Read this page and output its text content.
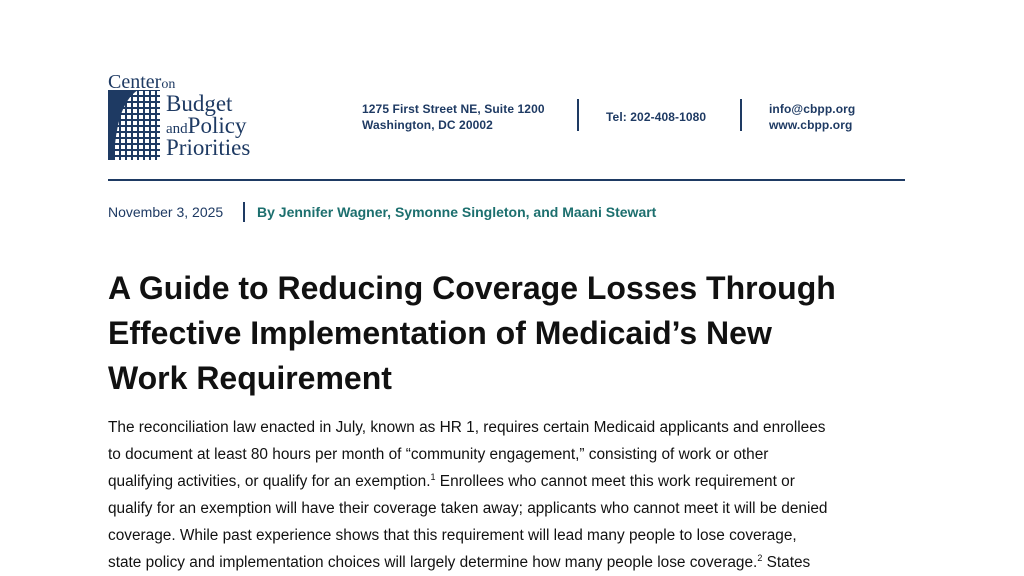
Centeron
Budget
andPolicy
Priorities
1275 First Street NE, Suite 1200
Washington, DC 20002
Tel: 202-408-1080
info@cbpp.org
www.cbpp.org
November 3, 2025 By Jennifer Wagner, Symonne Singleton, and Maani Stewart
A Guide to Reducing Coverage Losses Through
Effective Implementation of Medicaid’s New
Work Requirement
The reconciliation law enacted in July, known as HR 1, requires certain Medicaid applicants and enrollees
to document at least 80 hours per month of “community engagement,” consisting of work or other
qualifying activities, or qualify for an exemption.$^1$ Enrollees who cannot meet this work requirement or
qualify for an exemption will have their coverage taken away; applicants who cannot meet it will be denied
coverage. While past experience shows that this requirement will lead many people to lose coverage,
state policy and implementation choices will largely determine how many people lose coverage.$^2$ States
